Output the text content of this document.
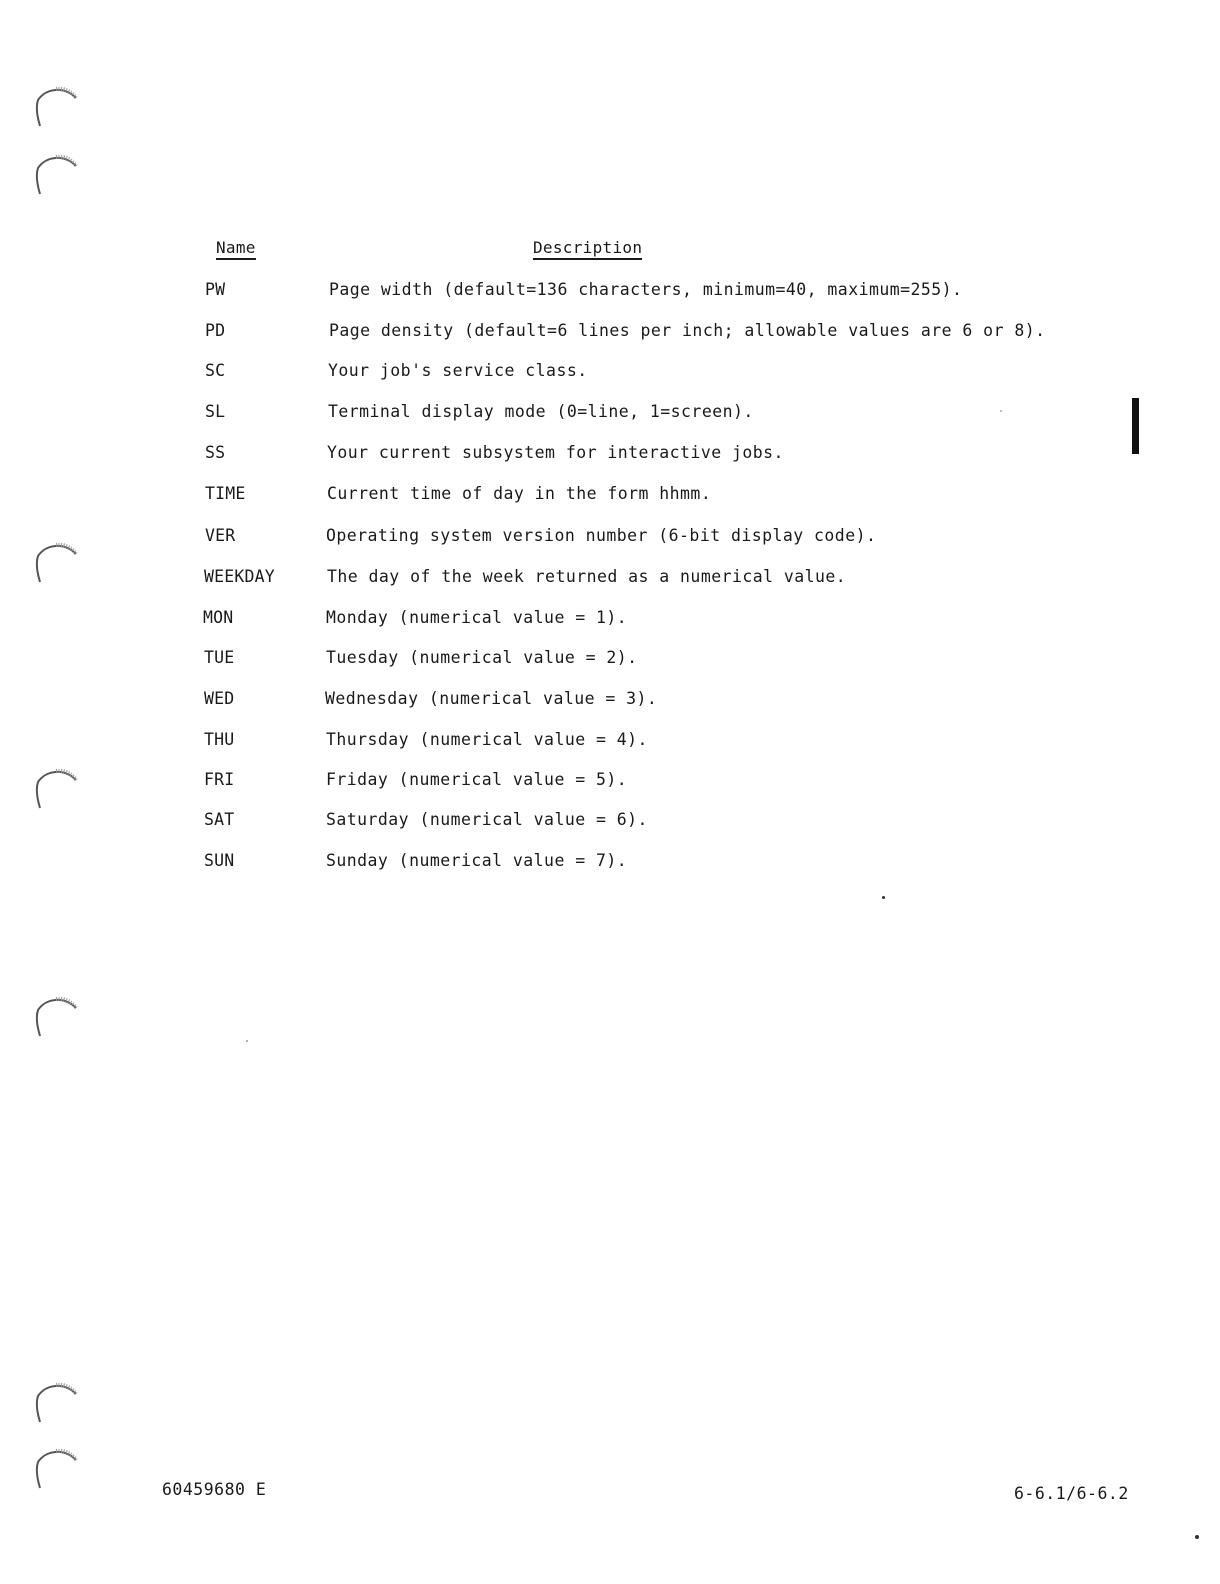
Name	Description
PW	Page width (default=136 characters, minimum=40, maximum=255).
PD	Page density (default=6 lines per inch; allowable values are 6 or 8).
SC	Your job's service class.
SL	Terminal display mode (0=line, 1=screen).
SS	Your current subsystem for interactive jobs.
TIME	Current time of day in the form hhmm.
VER	Operating system version number (6-bit display code).
WEEKDAY	The day of the week returned as a numerical value.
MON	Monday (numerical value = 1).
TUE	Tuesday (numerical value = 2).
WED	Wednesday (numerical value = 3).
THU	Thursday (numerical value = 4).
FRI	Friday (numerical value = 5).
SAT	Saturday (numerical value = 6).
SUN	Sunday (numerical value = 7).
60459680 E	6-6.1/6-6.2
